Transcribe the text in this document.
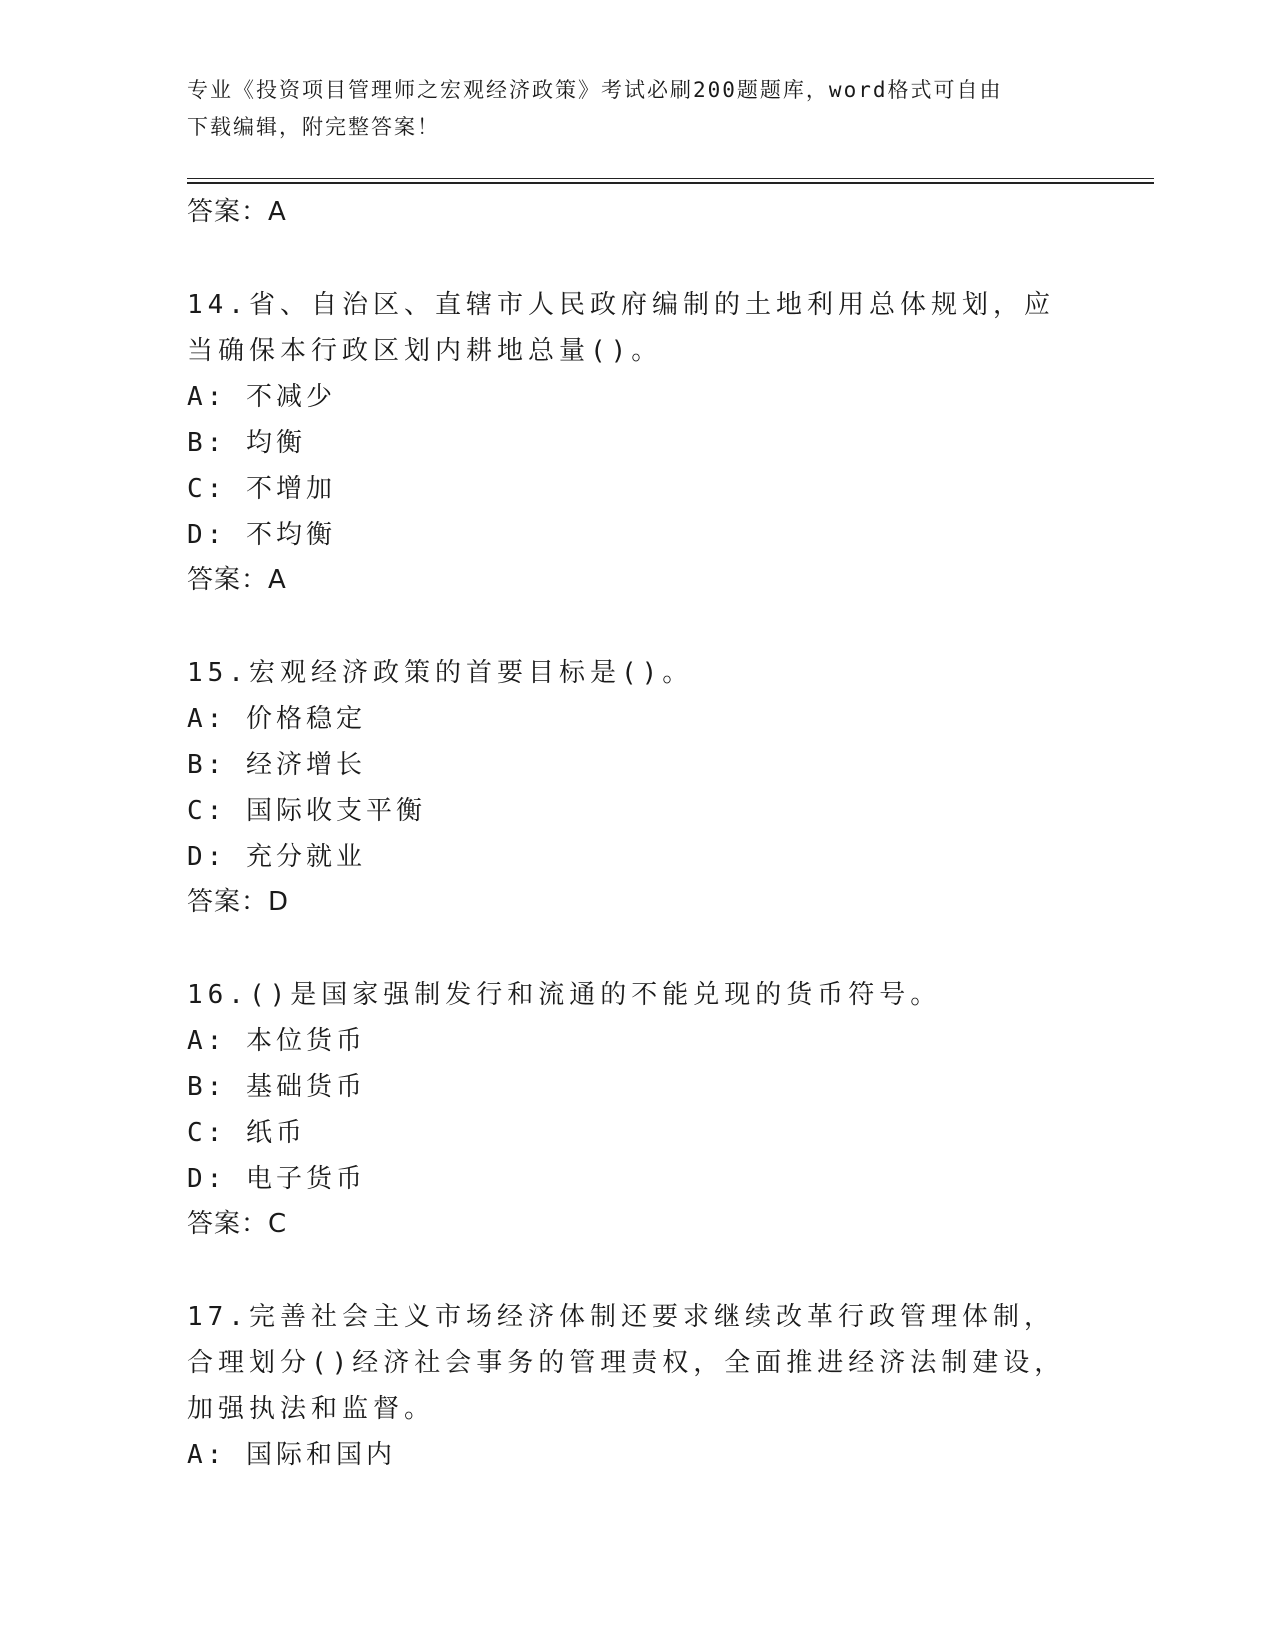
专业《投资项目管理师之宏观经济政策》考试必刷200题题库，word格式可自由
下载编辑，附完整答案！
答案：A
14.省、自治区、直辖市人民政府编制的土地利用总体规划，应当确保本行政区划内耕地总量()。
A: 不减少
B: 均衡
C: 不增加
D: 不均衡
答案：A
15.宏观经济政策的首要目标是()。
A: 价格稳定
B: 经济增长
C: 国际收支平衡
D: 充分就业
答案：D
16.()是国家强制发行和流通的不能兑现的货币符号。
A: 本位货币
B: 基础货币
C: 纸币
D: 电子货币
答案：C
17.完善社会主义市场经济体制还要求继续改革行政管理体制，合理划分()经济社会事务的管理责权，全面推进经济法制建设，加强执法和监督。
A: 国际和国内
